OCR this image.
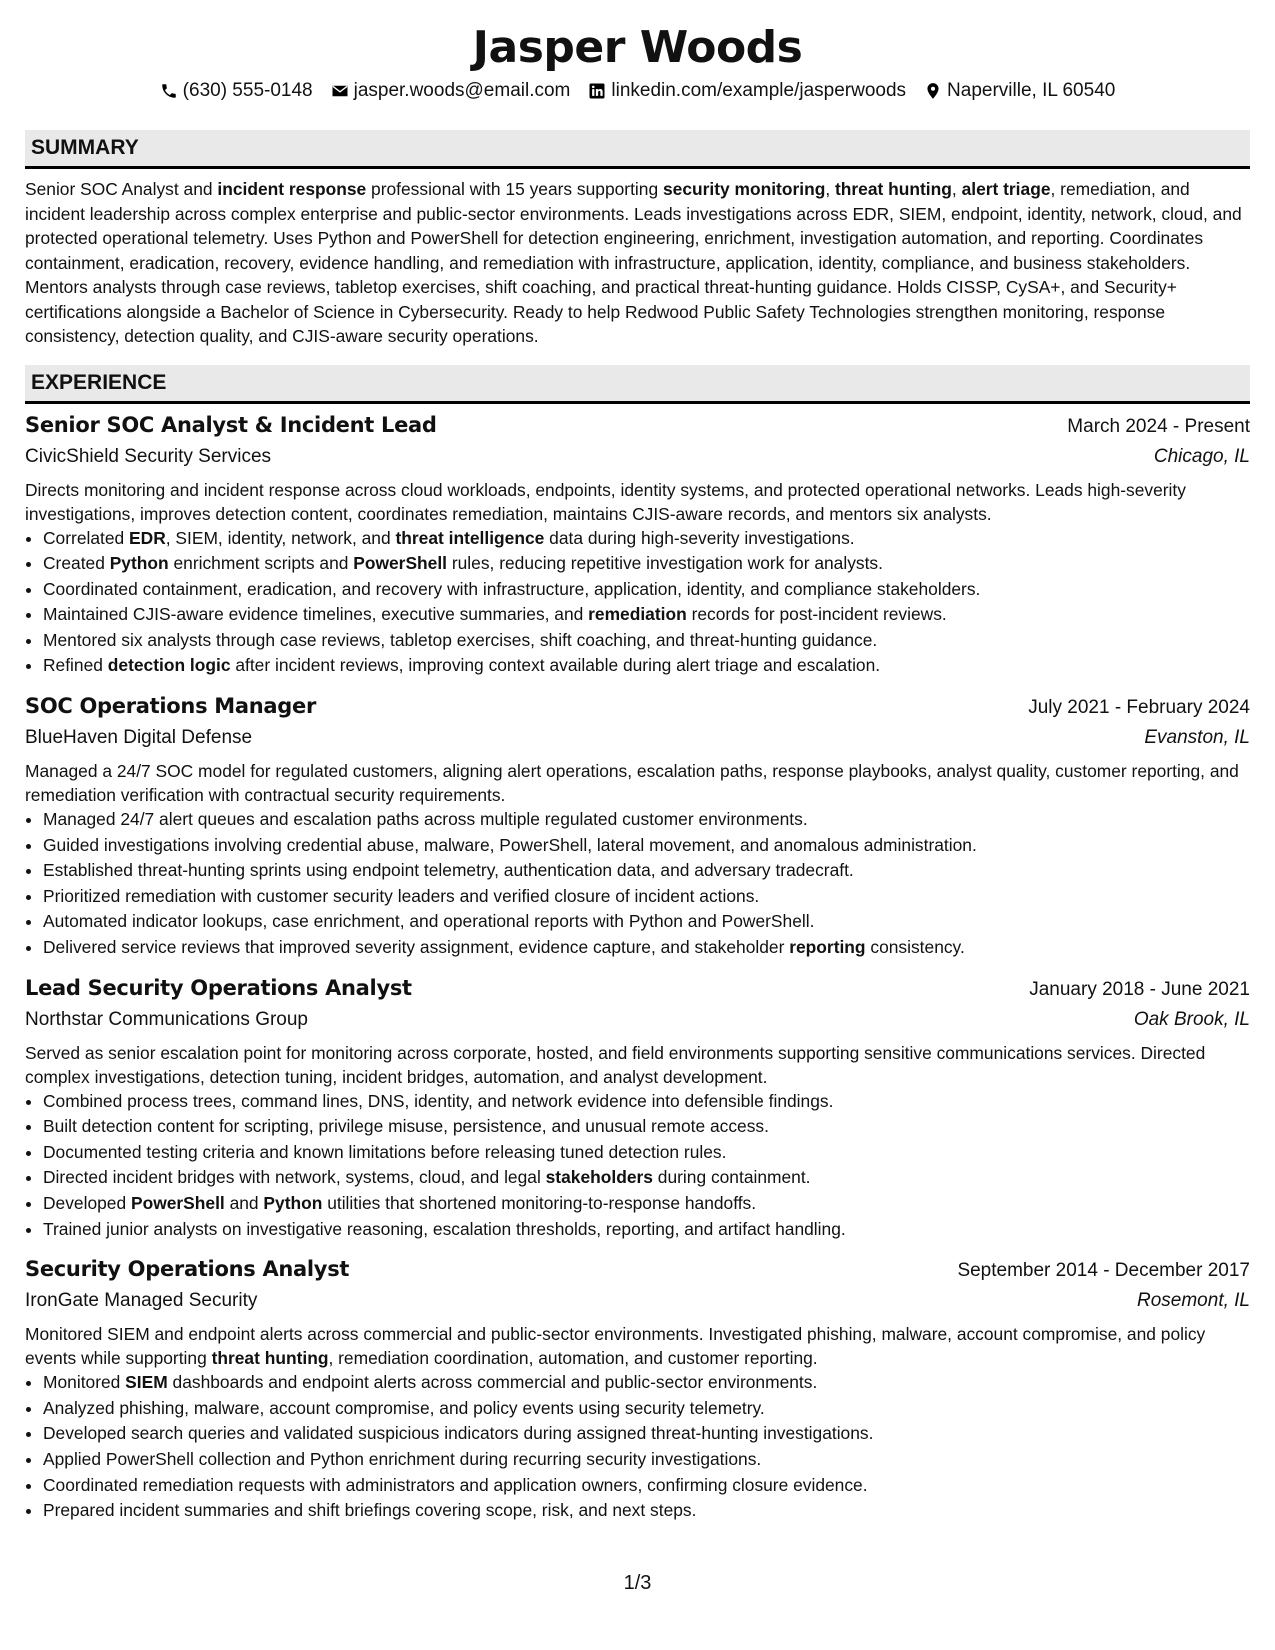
Jasper Woods
(630) 555-0148 jasper.woods@email.com linkedin.com/example/jasperwoods Naperville, IL 60540
SUMMARY

Senior SOC Analyst and incident response professional with 15 years supporting security monitoring, threat hunting, alert triage, remediation, and incident leadership across complex enterprise and public-sector environments. Leads investigations across EDR, SIEM, endpoint, identity, network, cloud, and protected operational telemetry. Uses Python and PowerShell for detection engineering, enrichment, investigation automation, and reporting. Coordinates containment, eradication, recovery, evidence handling, and remediation with infrastructure, application, identity, compliance, and business stakeholders. Mentors analysts through case reviews, tabletop exercises, shift coaching, and practical threat-hunting guidance. Holds CISSP, CySA+, and Security+ certifications alongside a Bachelor of Science in Cybersecurity. Ready to help Redwood Public Safety Technologies strengthen monitoring, response consistency, detection quality, and CJIS-aware security operations.

EXPERIENCE
Senior SOC Analyst & Incident Lead	March 2024 - Present
CivicShield Security Services	Chicago, IL
Directs monitoring and incident response across cloud workloads, endpoints, identity systems, and protected operational networks. Leads high-severity investigations, improves detection content, coordinates remediation, maintains CJIS-aware records, and mentors six analysts.
• Correlated EDR, SIEM, identity, network, and threat intelligence data during high-severity investigations.
• Created Python enrichment scripts and PowerShell rules, reducing repetitive investigation work for analysts.
• Coordinated containment, eradication, and recovery with infrastructure, application, identity, and compliance stakeholders.
• Maintained CJIS-aware evidence timelines, executive summaries, and remediation records for post-incident reviews.
• Mentored six analysts through case reviews, tabletop exercises, shift coaching, and threat-hunting guidance.
• Refined detection logic after incident reviews, improving context available during alert triage and escalation.
SOC Operations Manager	July 2021 - February 2024
BlueHaven Digital Defense	Evanston, IL
Managed a 24/7 SOC model for regulated customers, aligning alert operations, escalation paths, response playbooks, analyst quality, customer reporting, and remediation verification with contractual security requirements.
• Managed 24/7 alert queues and escalation paths across multiple regulated customer environments.
• Guided investigations involving credential abuse, malware, PowerShell, lateral movement, and anomalous administration.
• Established threat-hunting sprints using endpoint telemetry, authentication data, and adversary tradecraft.
• Prioritized remediation with customer security leaders and verified closure of incident actions.
• Automated indicator lookups, case enrichment, and operational reports with Python and PowerShell.
• Delivered service reviews that improved severity assignment, evidence capture, and stakeholder reporting consistency.
Lead Security Operations Analyst	January 2018 - June 2021
Northstar Communications Group	Oak Brook, IL
Served as senior escalation point for monitoring across corporate, hosted, and field environments supporting sensitive communications services. Directed complex investigations, detection tuning, incident bridges, automation, and analyst development.
• Combined process trees, command lines, DNS, identity, and network evidence into defensible findings.
• Built detection content for scripting, privilege misuse, persistence, and unusual remote access.
• Documented testing criteria and known limitations before releasing tuned detection rules.
• Directed incident bridges with network, systems, cloud, and legal stakeholders during containment.
• Developed PowerShell and Python utilities that shortened monitoring-to-response handoffs.
• Trained junior analysts on investigative reasoning, escalation thresholds, reporting, and artifact handling.
Security Operations Analyst	September 2014 - December 2017
IronGate Managed Security	Rosemont, IL
Monitored SIEM and endpoint alerts across commercial and public-sector environments. Investigated phishing, malware, account compromise, and policy events while supporting threat hunting, remediation coordination, automation, and customer reporting.
• Monitored SIEM dashboards and endpoint alerts across commercial and public-sector environments.
• Analyzed phishing, malware, account compromise, and policy events using security telemetry.
• Developed search queries and validated suspicious indicators during assigned threat-hunting investigations.
• Applied PowerShell collection and Python enrichment during recurring security investigations.
• Coordinated remediation requests with administrators and application owners, confirming closure evidence.
• Prepared incident summaries and shift briefings covering scope, risk, and next steps.
1/3
